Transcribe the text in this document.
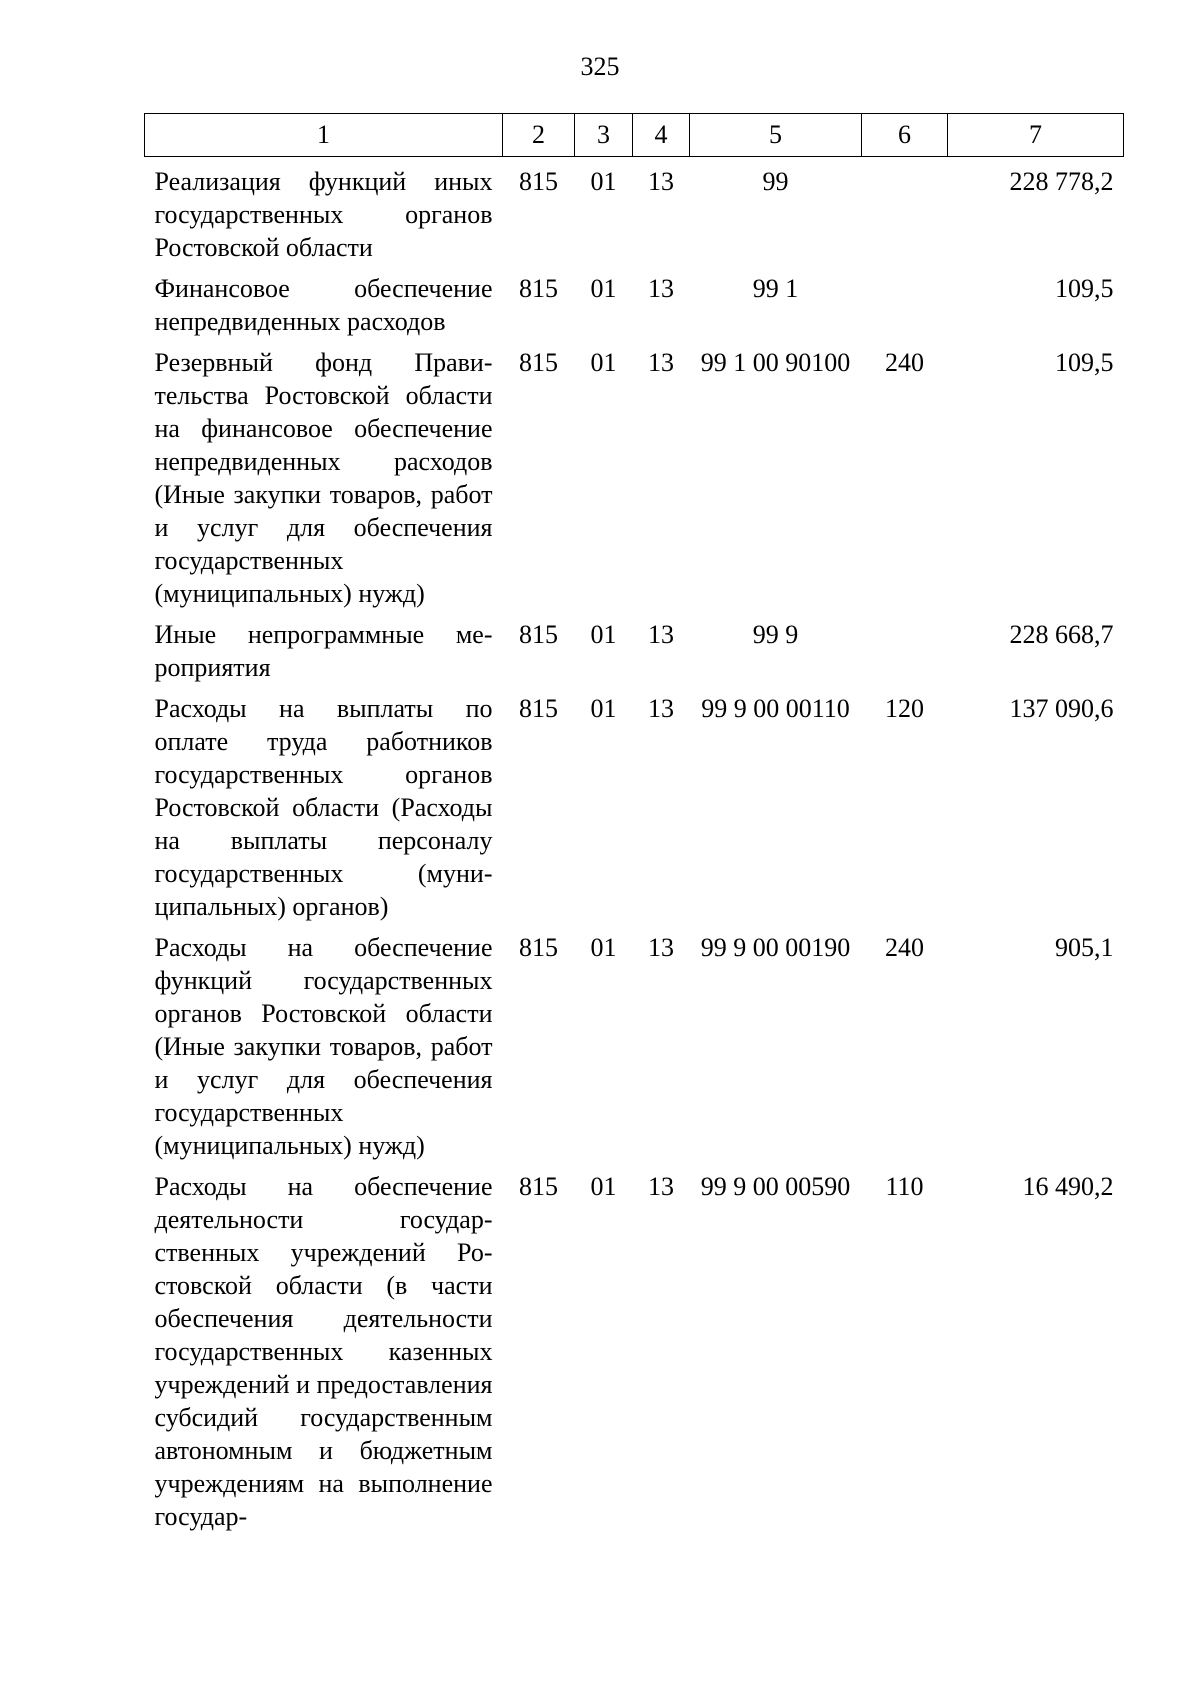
325
1	2	3	4	5	6	7
Реализация функций иных государственных органов Ростовской области	815	01	13	99		228 778,2
Финансовое обеспечение непредвиденных расходов	815	01	13	99 1		109,5
Резервный фонд Правительства Ростовской области на финансовое обеспечение непредвиденных расходов (Иные закупки товаров, работ и услуг для обеспечения государственных (муниципальных) нужд)	815	01	13	99 1 00 90100	240	109,5
Иные непрограммные мероприятия	815	01	13	99 9		228 668,7
Расходы на выплаты по оплате труда работников государственных органов Ростовской области (Расходы на выплаты персоналу государственных (муниципальных) органов)	815	01	13	99 9 00 00110	120	137 090,6
Расходы на обеспечение функций государственных органов Ростовской области (Иные закупки товаров, работ и услуг для обеспечения государственных (муниципальных) нужд)	815	01	13	99 9 00 00190	240	905,1
Расходы на обеспечение деятельности государственных учреждений Ростовской области (в части обеспечения деятельности государственных казенных учреждений и предоставления субсидий государственным автономным и бюджетным учреждениям на выполнение государ-	815	01	13	99 9 00 00590	110	16 490,2
